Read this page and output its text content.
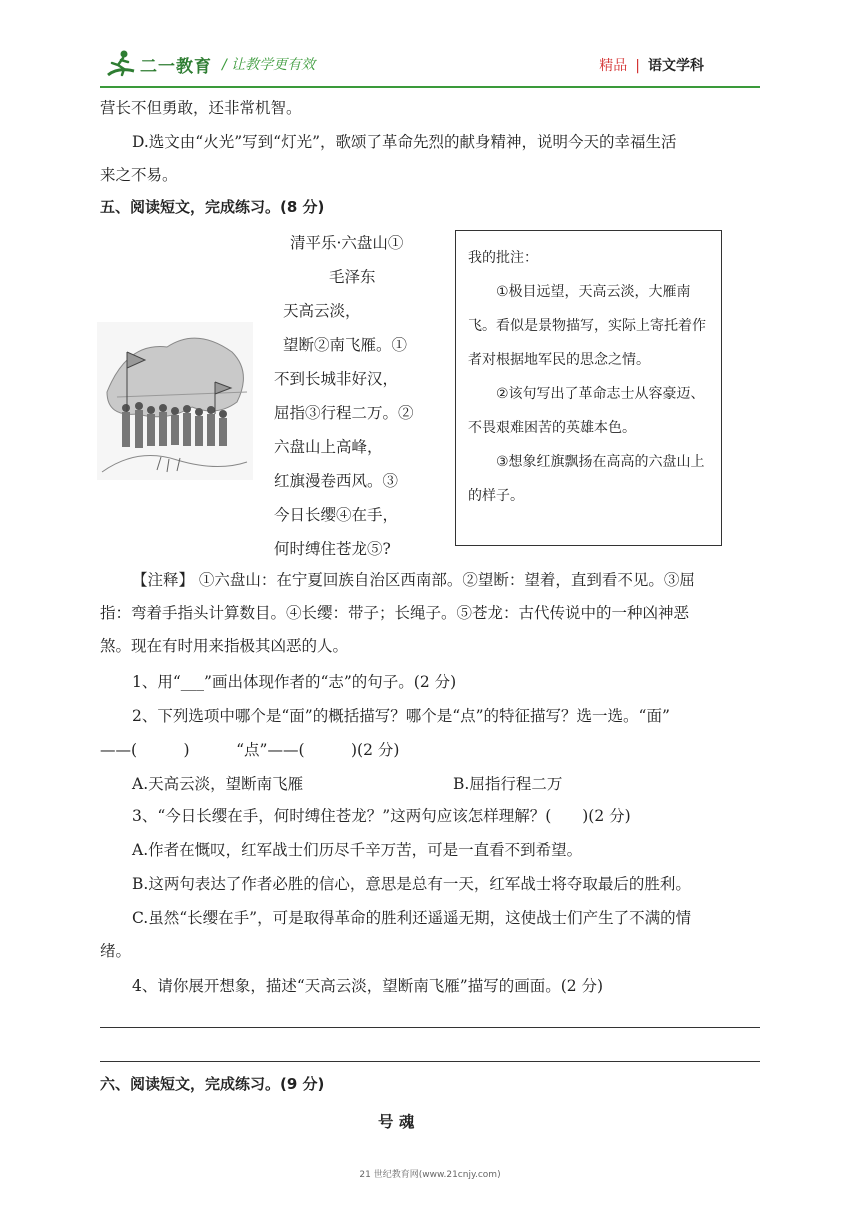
二一教育 / 让教学更有效	精品 | 语文学科
营长不但勇敢，还非常机智。
D.选文由“火光”写到“灯光”，歌颂了革命先烈的献身精神，说明今天的幸福生活
来之不易。
五、阅读短文，完成练习。(8 分)
清平乐·六盘山①
毛泽东
天高云淡，
望断②南飞雁。①
不到长城非好汉，
屈指③行程二万。②
六盘山上高峰，
红旗漫卷西风。③
今日长缨④在手，
何时缚住苍龙⑤?
我的批注：

①极目远望，天高云淡，大雁南飞。看似是景物描写，实际上寄托着作者对根据地军民的思念之情。

②该句写出了革命志士从容豪迈、不畏艰难困苦的英雄本色。

③想象红旗飘扬在高高的六盘山上的样子。

【注释】 ①六盘山：在宁夏回族自治区西南部。②望断：望着，直到看不见。③屈
指：弯着手指头计算数目。④长缨：带子；长绳子。⑤苍龙：古代传说中的一种凶神恶
煞。现在有时用来指极其凶恶的人。
1、用“___”画出体现作者的“志”的句子。(2 分)
2、下列选项中哪个是“面”的概括描写？哪个是“点”的特征描写？选一选。“面”
——(　　　)　　　“点”——(　　　)(2 分)
A.天高云淡，望断南飞雁	B.屈指行程二万
3、“今日长缨在手，何时缚住苍龙？”这两句应该怎样理解？(　　)(2 分)
A.作者在慨叹，红军战士们历尽千辛万苦，可是一直看不到希望。
B.这两句表达了作者必胜的信心，意思是总有一天，红军战士将夺取最后的胜利。
C.虽然“长缨在手”，可是取得革命的胜利还遥遥无期，这使战士们产生了不满的情
绪。
4、请你展开想象，描述“天高云淡，望断南飞雁”描写的画面。(2 分)
六、阅读短文，完成练习。(9 分)
号 魂
21 世纪教育网(www.21cnjy.com)
